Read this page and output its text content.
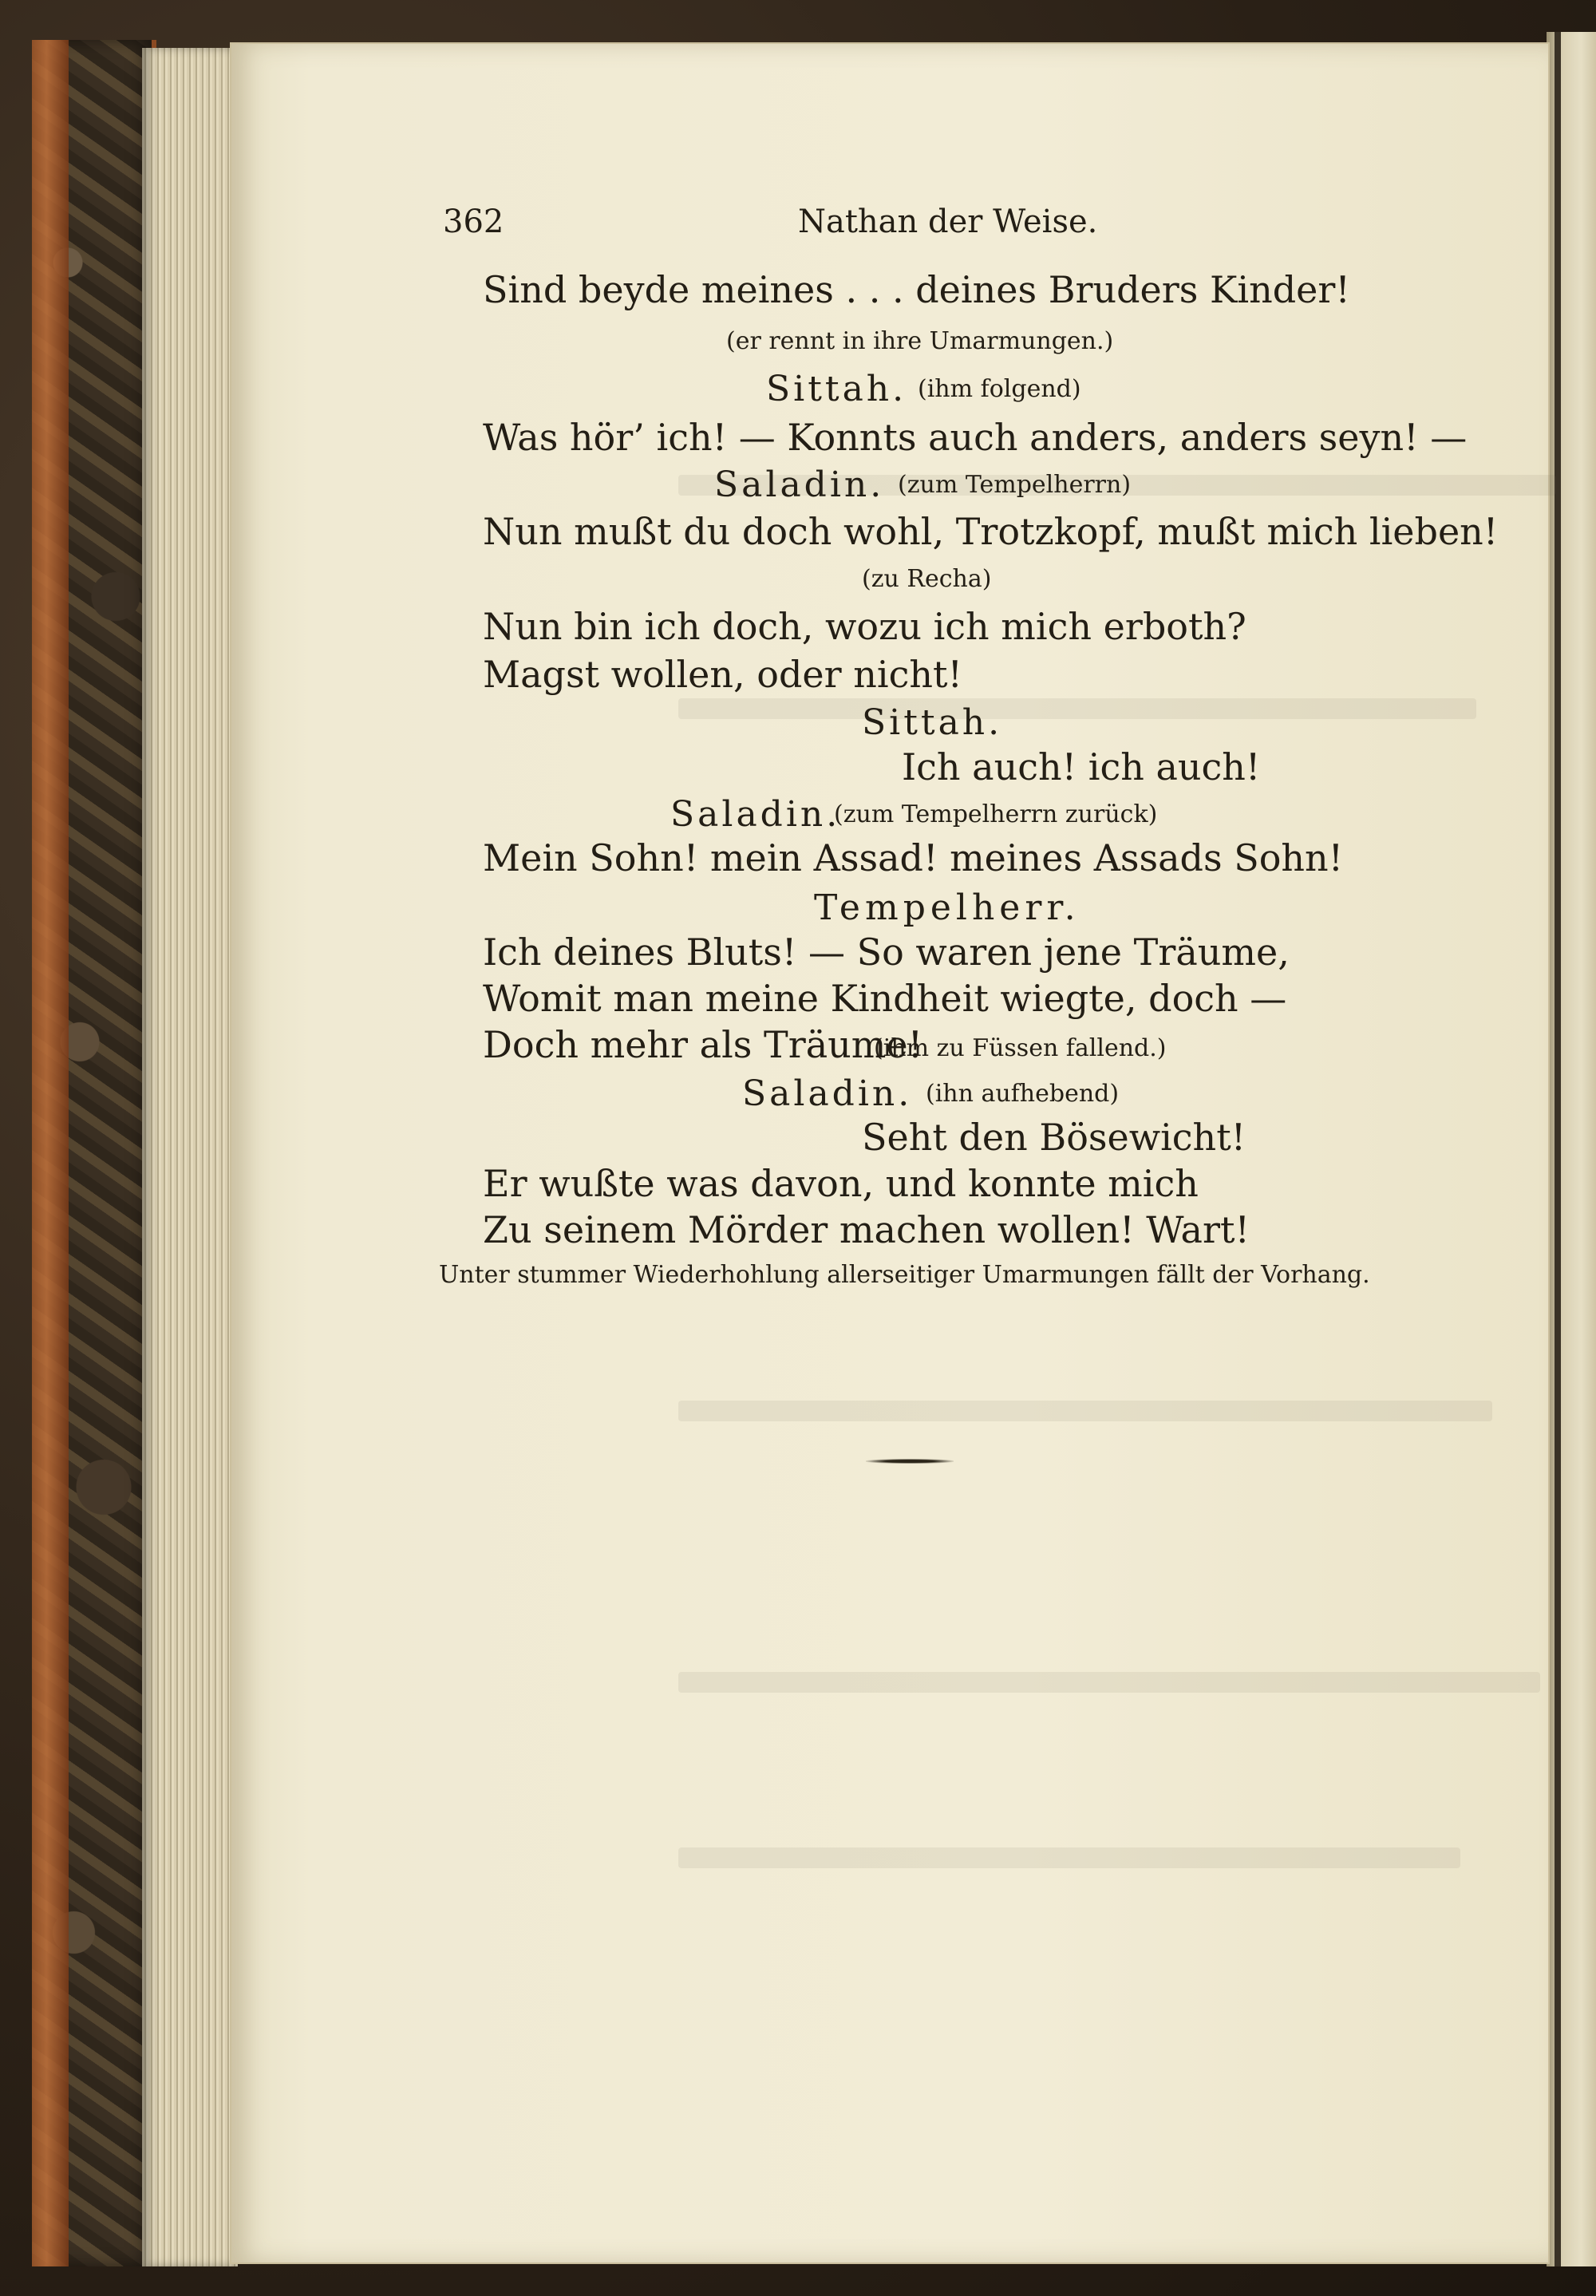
362	Nathan der Weise.
Sind beyde meines . . . deines Bruders Kinder!
(er rennt in ihre Umarmungen.)
Sittah. (ihm folgend)
Was hör’ ich! — Konnts auch anders, anders seyn! —
Saladin. (zum Tempelherrn)
Nun mußt du doch wohl, Trotzkopf, mußt mich lieben!
(zu Recha)
Nun bin ich doch, wozu ich mich erboth?
Magst wollen, oder nicht!
Sittah.
Ich auch! ich auch!
Saladin.
(zum Tempelherrn zurück)
Mein Sohn! mein Assad! meines Assads Sohn!
Tempelherr.
Ich deines Bluts! — So waren jene Träume,
Womit man meine Kindheit wiegte, doch —
Doch mehr als Träume!
(ihm zu Füssen fallend.)
Saladin. (ihn aufhebend)
Seht den Bösewicht!
Er wußte was davon, und konnte mich
Zu seinem Mörder machen wollen! Wart!
Unter stummer Wiederhohlung allerseitiger Umarmungen fällt der Vorhang.
